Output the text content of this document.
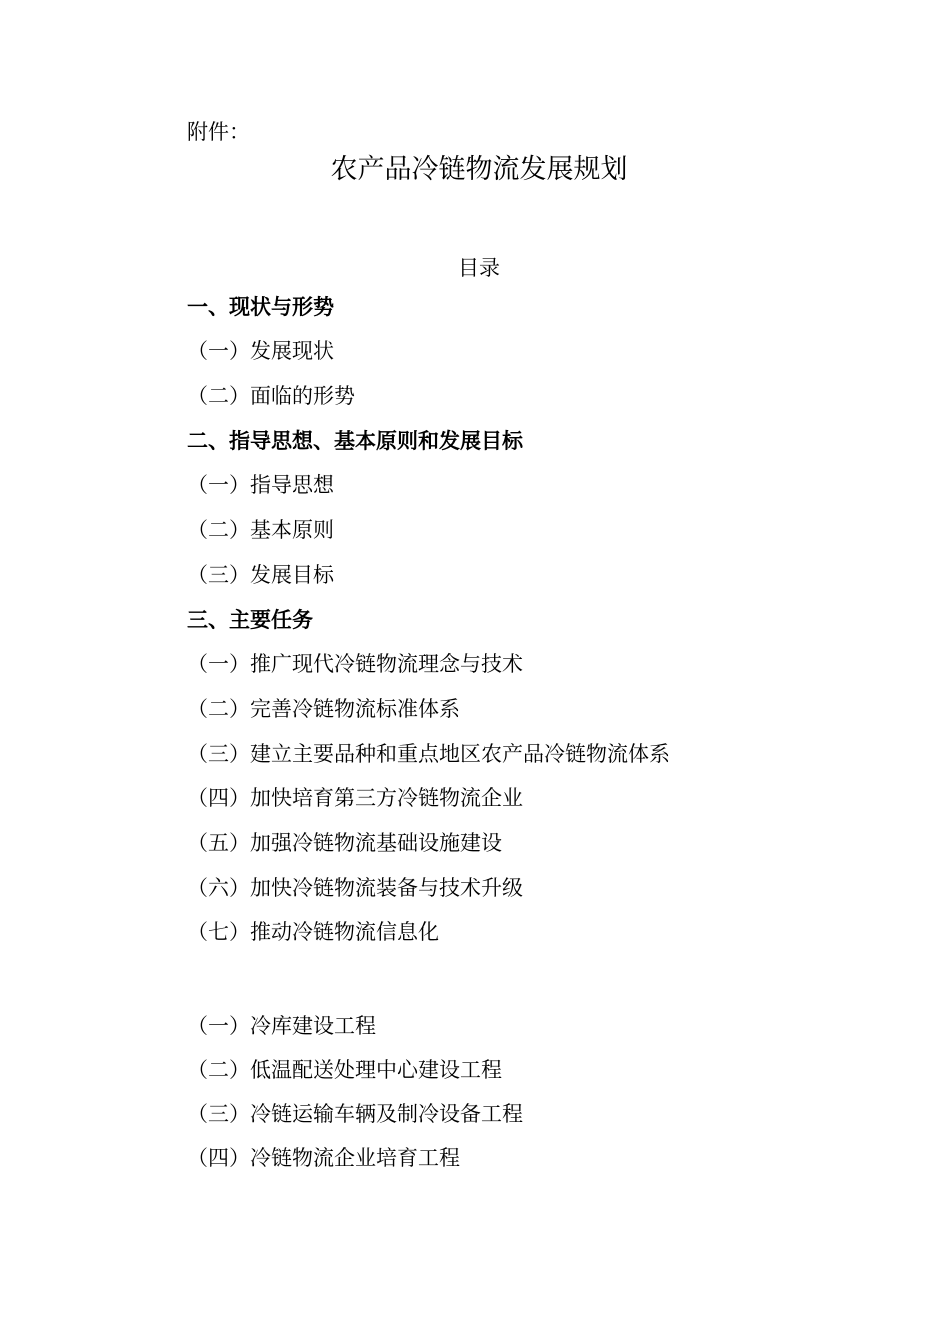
附件：
农产品冷链物流发展规划
目录
一、现状与形势
（一）发展现状
（二）面临的形势
二、指导思想、基本原则和发展目标
（一）指导思想
（二）基本原则
（三）发展目标
三、主要任务
（一）推广现代冷链物流理念与技术
（二）完善冷链物流标准体系
（三）建立主要品种和重点地区农产品冷链物流体系
（四）加快培育第三方冷链物流企业
（五）加强冷链物流基础设施建设
（六）加快冷链物流装备与技术升级
（七）推动冷链物流信息化
（一）冷库建设工程
（二）低温配送处理中心建设工程
（三）冷链运输车辆及制冷设备工程
（四）冷链物流企业培育工程
